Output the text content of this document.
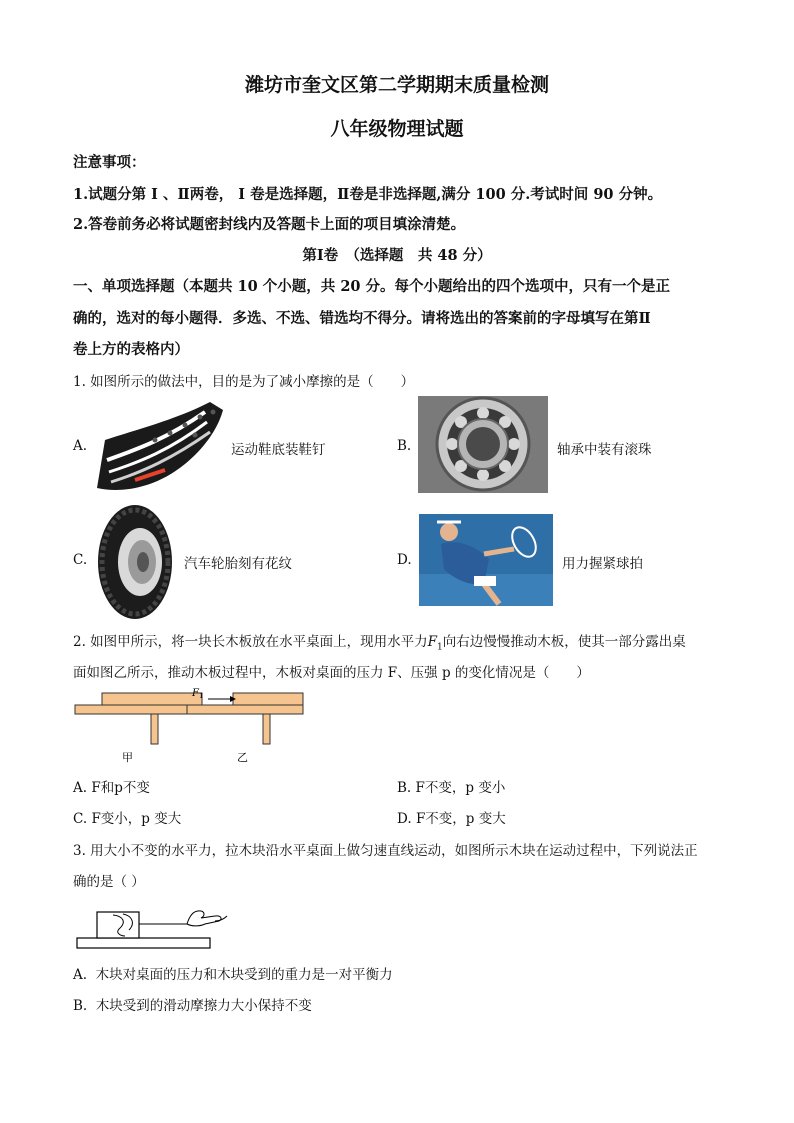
潍坊市奎文区第二学期期末质量检测
八年级物理试题
注意事项：
1.试题分第 Ⅰ 、Ⅱ两卷， Ⅰ 卷是选择题，Ⅱ卷是非选择题,满分 100 分.考试时间 90 分钟。
2.答卷前务必将试题密封线内及答题卡上面的项目填涂清楚。
第Ⅰ卷　（选择题　共 48 分）
一、单项选择题（本题共 10 个小题，共 20 分。每个小题给出的四个选项中，只有一个是正
确的，选对的每小题得．多选、不选、错选均不得分。请将选出的答案前的字母填写在第Ⅱ
卷上方的表格内）
1. 如图所示的做法中，目的是为了减小摩擦的是（　　）
A.	运动鞋底装鞋钉	B.	轴承中装有滚珠
C.	汽车轮胎刻有花纹	D.	用力握紧球拍
2. 如图甲所示，将一块长木板放在水平桌面上，现用水平力$F_1$向右边慢慢推动木板，使其一部分露出桌
面如图乙所示，推动木板过程中，木板对桌面的压力 F、压强 p 的变化情况是（　　）
F 1
甲	乙
A. F和p不变	B. F不变，p 变小
C. F变小，p 变大	D. F不变，p 变大
3. 用大小不变的水平力，拉木块沿水平桌面上做匀速直线运动，如图所示木块在运动过程中，下列说法正
确的是（ ）
A. 木块对桌面的压力和木块受到的重力是一对平衡力
B. 木块受到的滑动摩擦力大小保持不变
